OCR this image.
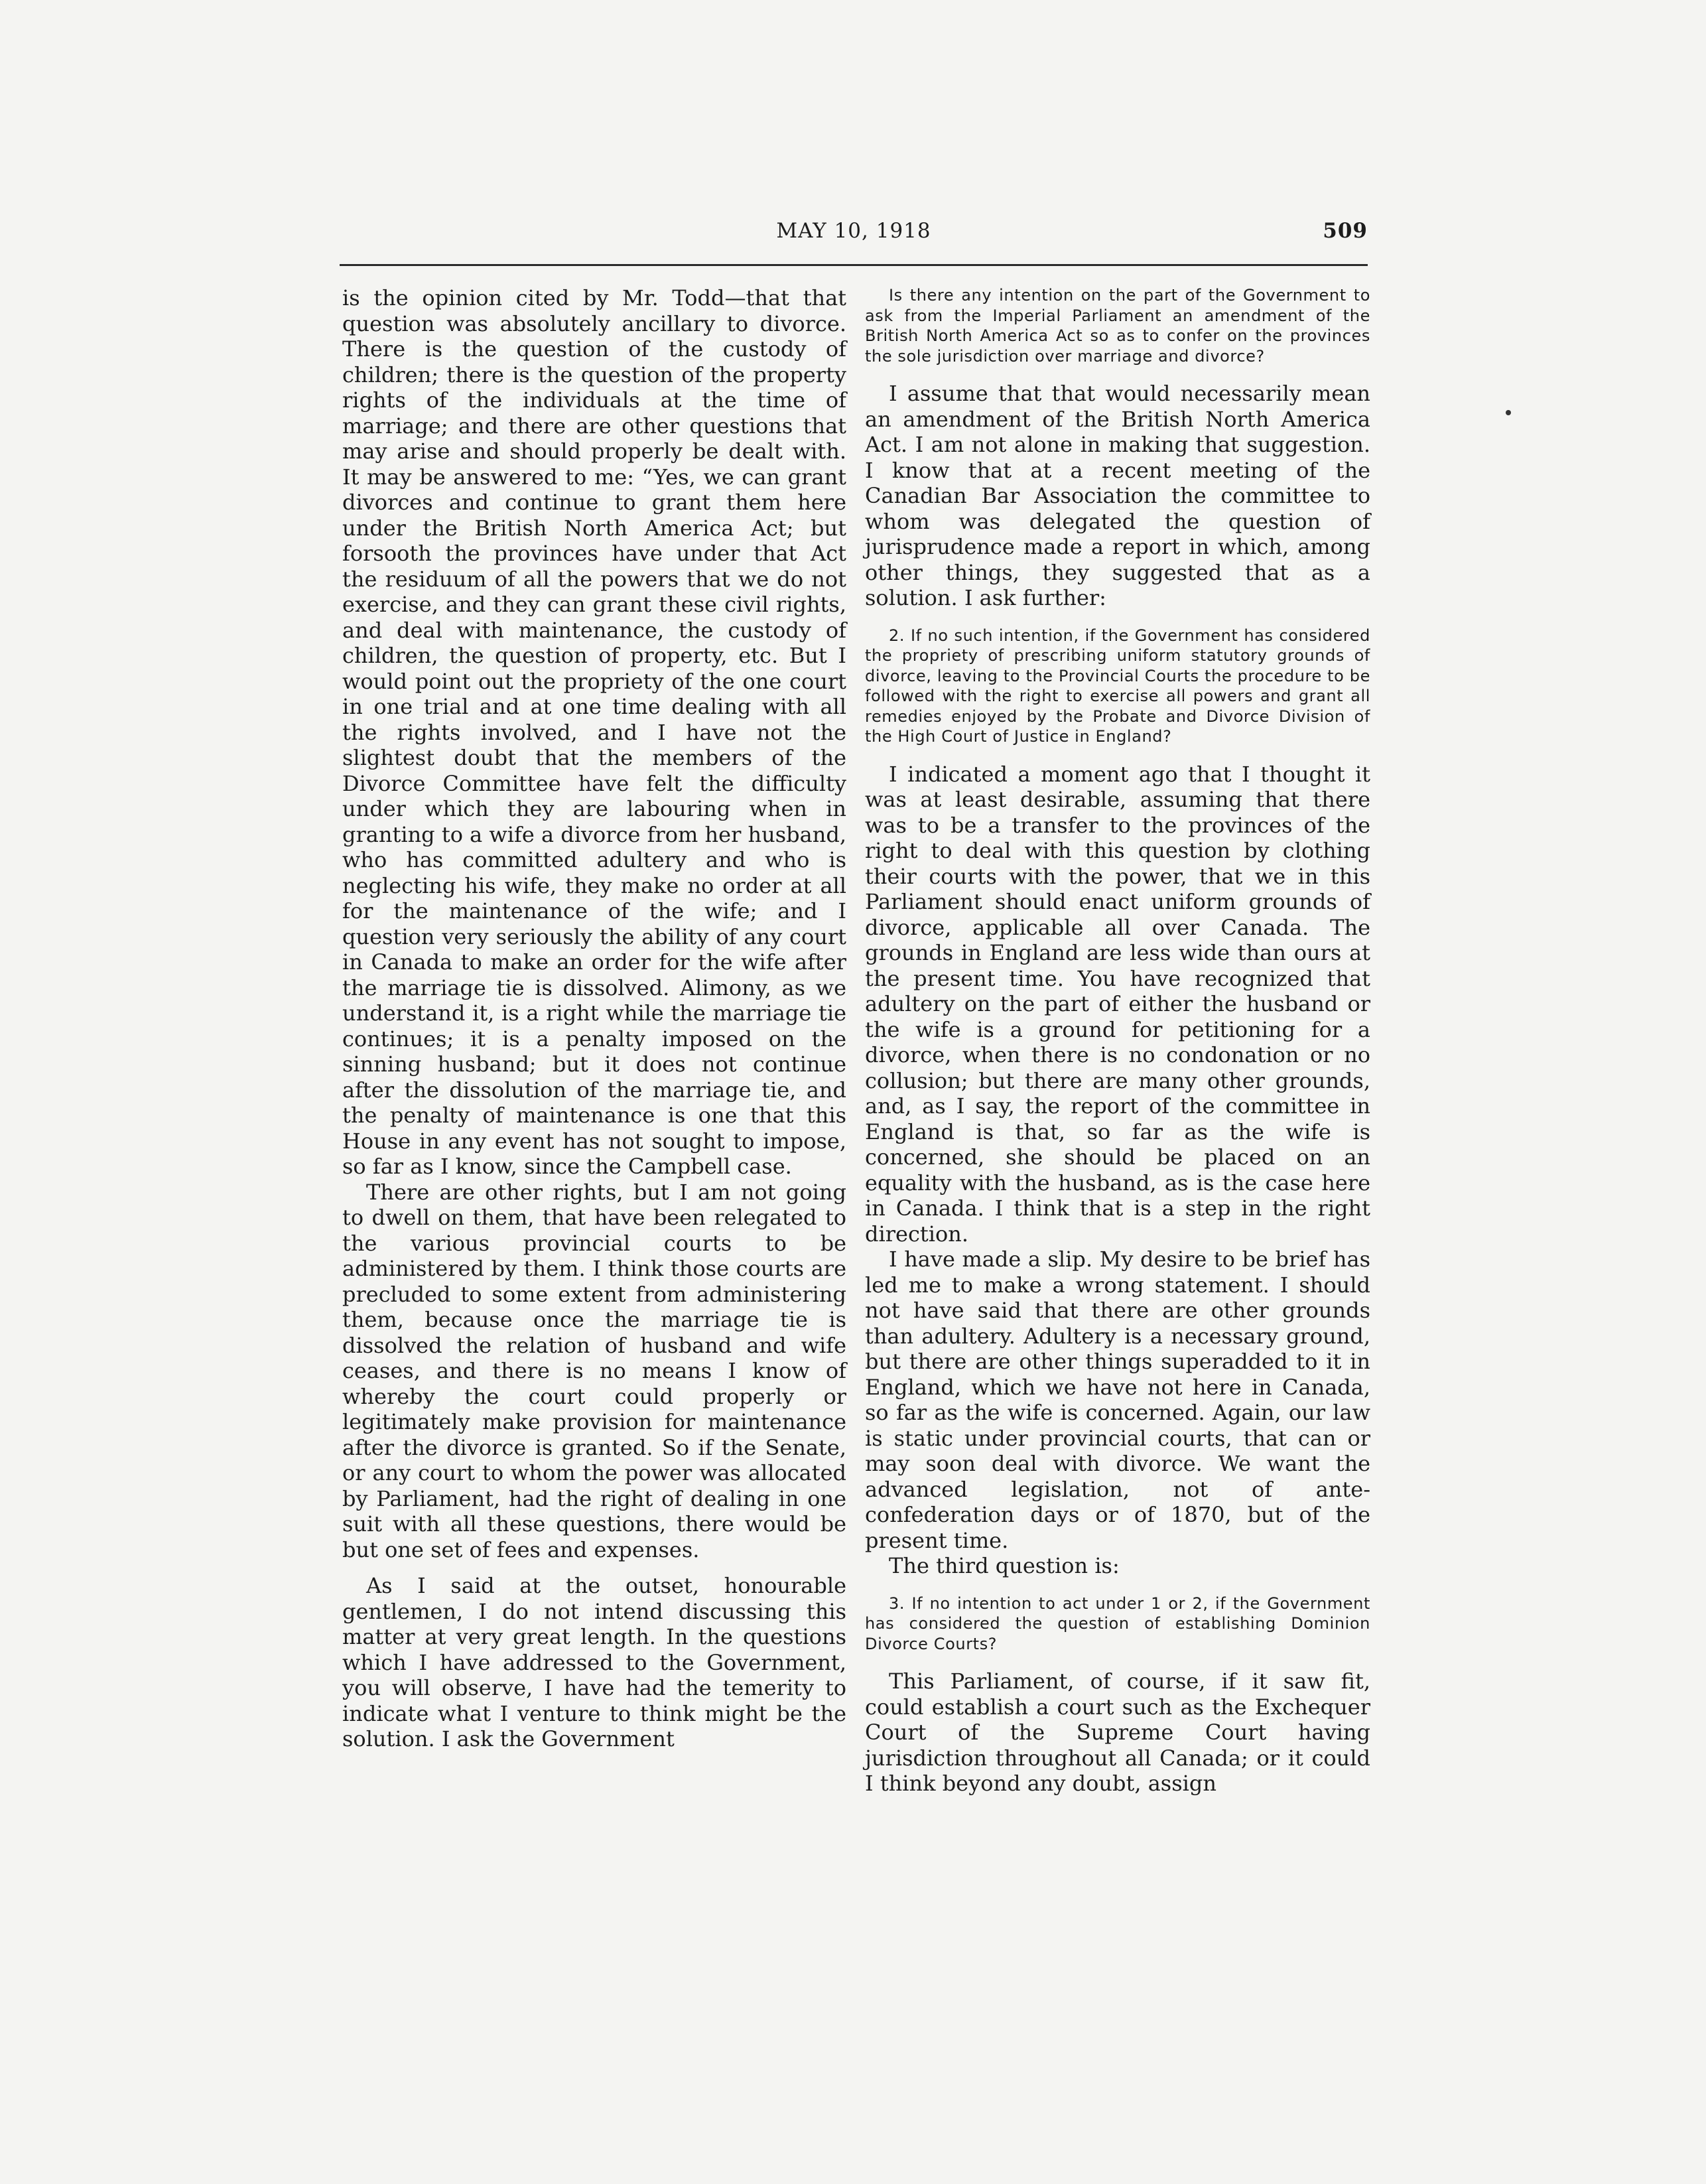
MAY 10, 1918	509

is the opinion cited by Mr. Todd—that that question was absolutely ancillary to divorce. There is the question of the custody of children; there is the question of the property rights of the individuals at the time of marriage; and there are other questions that may arise and should properly be dealt with. It may be answered to me: “Yes, we can grant divorces and continue to grant them here under the British North America Act; but forsooth the provinces have under that Act the residuum of all the powers that we do not exercise, and they can grant these civil rights, and deal with maintenance, the custody of children, the question of property, etc. But I would point out the propriety of the one court in one trial and at one time dealing with all the rights involved, and I have not the slightest doubt that the members of the Divorce Committee have felt the difficulty under which they are labouring when in granting to a wife a divorce from her husband, who has committed adultery and who is neglecting his wife, they make no order at all for the maintenance of the wife; and I question very seriously the ability of any court in Canada to make an order for the wife after the marriage tie is dissolved. Alimony, as we understand it, is a right while the marriage tie continues; it is a penalty imposed on the sinning husband; but it does not continue after the dissolution of the marriage tie, and the penalty of maintenance is one that this House in any event has not sought to impose, so far as I know, since the Campbell case.

There are other rights, but I am not going to dwell on them, that have been relegated to the various provincial courts to be administered by them. I think those courts are precluded to some extent from administering them, because once the marriage tie is dissolved the relation of husband and wife ceases, and there is no means I know of whereby the court could properly or legitimately make provision for maintenance after the divorce is granted. So if the Senate, or any court to whom the power was allocated by Parliament, had the right of dealing in one suit with all these questions, there would be but one set of fees and expenses.

As I said at the outset, honourable gentlemen, I do not intend discussing this matter at very great length. In the questions which I have addressed to the Government, you will observe, I have had the temerity to indicate what I venture to think might be the solution. I ask the Government

Is there any intention on the part of the Government to ask from the Imperial Parliament an amendment of the British North America Act so as to confer on the provinces the sole jurisdiction over marriage and divorce?

I assume that that would necessarily mean an amendment of the British North America Act. I am not alone in making that suggestion. I know that at a recent meeting of the Canadian Bar Association the committee to whom was delegated the question of jurisprudence made a report in which, among other things, they suggested that as a solution. I ask further:

2. If no such intention, if the Government has considered the propriety of prescribing uniform statutory grounds of divorce, leaving to the Provincial Courts the procedure to be followed with the right to exercise all powers and grant all remedies enjoyed by the Probate and Divorce Division of the High Court of Justice in England?

I indicated a moment ago that I thought it was at least desirable, assuming that there was to be a transfer to the provinces of the right to deal with this question by clothing their courts with the power, that we in this Parliament should enact uniform grounds of divorce, applicable all over Canada. The grounds in England are less wide than ours at the present time. You have recognized that adultery on the part of either the husband or the wife is a ground for petitioning for a divorce, when there is no condonation or no collusion; but there are many other grounds, and, as I say, the report of the committee in England is that, so far as the wife is concerned, she should be placed on an equality with the husband, as is the case here in Canada. I think that is a step in the right direction.

I have made a slip. My desire to be brief has led me to make a wrong statement. I should not have said that there are other grounds than adultery. Adultery is a necessary ground, but there are other things superadded to it in England, which we have not here in Canada, so far as the wife is concerned. Again, our law is static under provincial courts, that can or may soon deal with divorce. We want the advanced legislation, not of ante-confederation days or of 1870, but of the present time.

The third question is:

3. If no intention to act under 1 or 2, if the Government has considered the question of establishing Dominion Divorce Courts?

This Parliament, of course, if it saw fit, could establish a court such as the Exchequer Court of the Supreme Court having jurisdiction throughout all Canada; or it could I think beyond any doubt, assign
